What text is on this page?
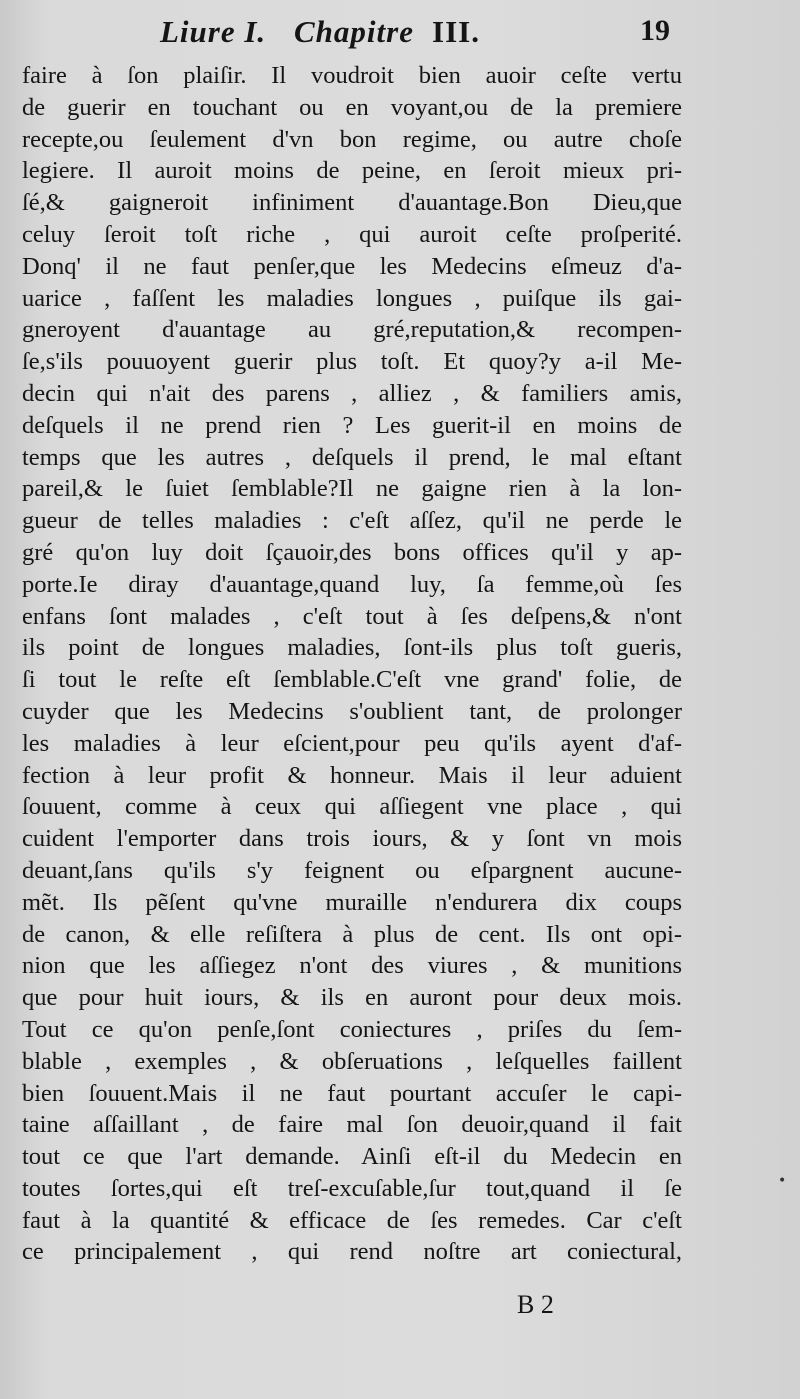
Liure I. Chapitre III.	19
faire à ſon plaiſir. Il voudroit bien auoir ceſte vertu
de guerir en touchant ou en voyant,ou de la premiere
recepte,ou ſeulement d'vn bon regime, ou autre choſe
legiere. Il auroit moins de peine, en ſeroit mieux pri-
ſé,& gaigneroit infiniment d'auantage.Bon Dieu,que
celuy ſeroit toſt riche , qui auroit ceſte proſperité.
Donq' il ne faut penſer,que les Medecins eſmeuz d'a-
uarice , faſſent les maladies longues , puiſque ils gai-
gneroyent d'auantage au gré,reputation,& recompen-
ſe,s'ils pouuoyent guerir plus toſt. Et quoy?y a-il Me-
decin qui n'ait des parens , alliez , & familiers amis,
deſquels il ne prend rien ? Les guerit-il en moins de
temps que les autres , deſquels il prend, le mal eſtant
pareil,& le ſuiet ſemblable?Il ne gaigne rien à la lon-
gueur de telles maladies : c'eſt aſſez, qu'il ne perde le
gré qu'on luy doit ſçauoir,des bons offices qu'il y ap-
porte.Ie diray d'auantage,quand luy, ſa femme,où ſes
enfans ſont malades , c'eſt tout à ſes deſpens,& n'ont
ils point de longues maladies, ſont-ils plus toſt gueris,
ſi tout le reſte eſt ſemblable.C'eſt vne grand' folie, de
cuyder que les Medecins s'oublient tant, de prolonger
les maladies à leur eſcient,pour peu qu'ils ayent d'af-
fection à leur profit & honneur. Mais il leur aduient
ſouuent, comme à ceux qui aſſiegent vne place , qui
cuident l'emporter dans trois iours, & y ſont vn mois
deuant,ſans qu'ils s'y feignent ou eſpargnent aucune-
mẽt. Ils pẽſent qu'vne muraille n'endurera dix coups
de canon, & elle reſiſtera à plus de cent. Ils ont opi-
nion que les aſſiegez n'ont des viures , & munitions
que pour huit iours, & ils en auront pour deux mois.
Tout ce qu'on penſe,ſont coniectures , priſes du ſem-
blable , exemples , & obſeruations , leſquelles faillent
bien ſouuent.Mais il ne faut pourtant accuſer le capi-
taine aſſaillant , de faire mal ſon deuoir,quand il fait
tout ce que l'art demande. Ainſi eſt-il du Medecin en
toutes ſortes,qui eſt treſ-excuſable,ſur tout,quand il ſe
faut à la quantité & efficace de ſes remedes. Car c'eſt
ce principalement , qui rend noſtre art coniectural,
B 2
•
